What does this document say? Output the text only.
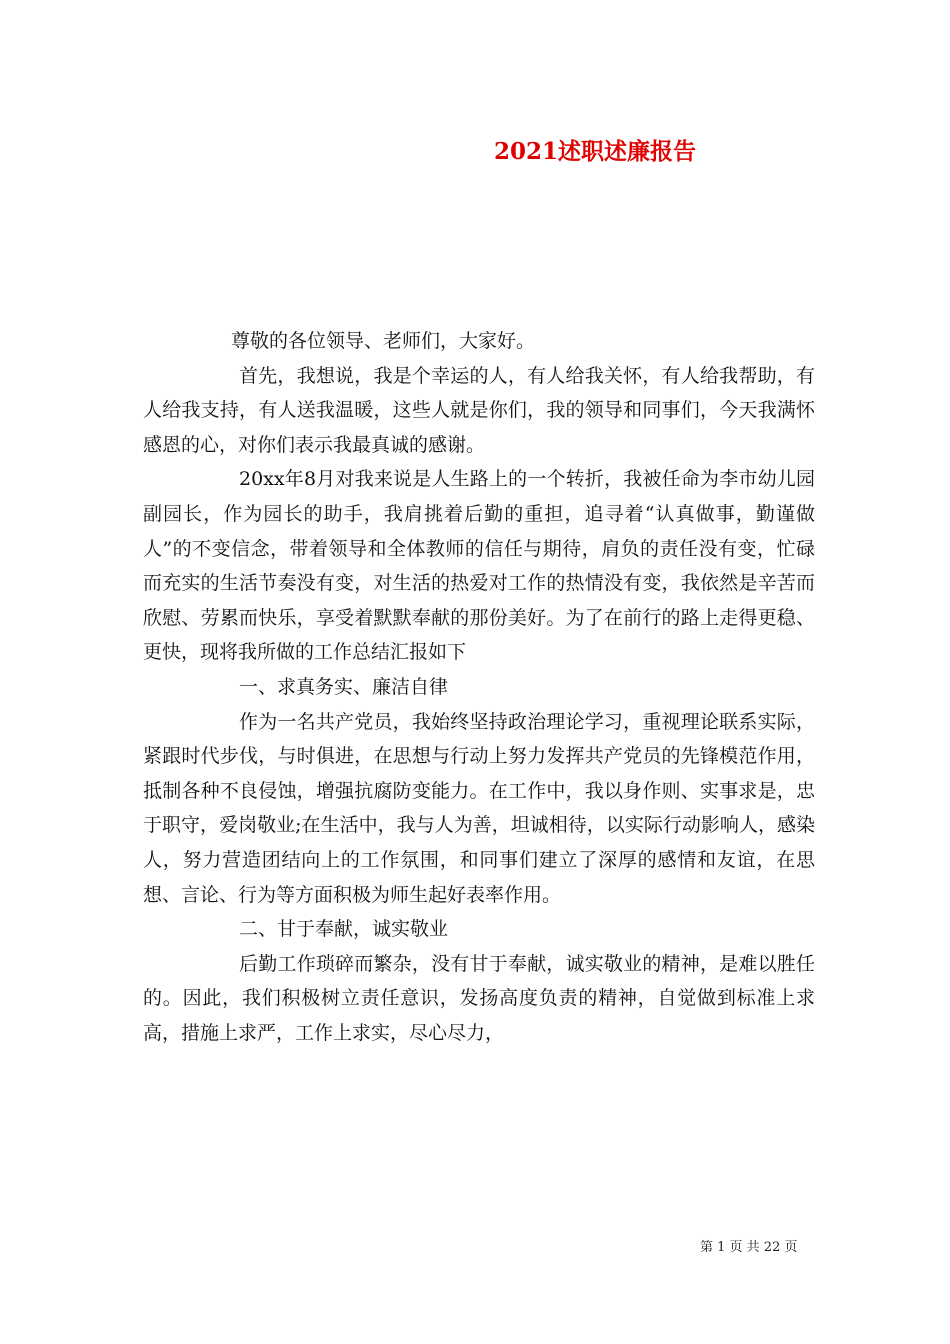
2021述职述廉报告

尊敬的各位领导、老师们，大家好。

首先，我想说，我是个幸运的人，有人给我关怀，有人给我帮助，有人给我支持，有人送我温暖，这些人就是你们，我的领导和同事们，今天我满怀感恩的心，对你们表示我最真诚的感谢。

20xx年8月对我来说是人生路上的一个转折，我被任命为李市幼儿园副园长，作为园长的助手，我肩挑着后勤的重担，追寻着“认真做事，勤谨做人”的不变信念，带着领导和全体教师的信任与期待，肩负的责任没有变，忙碌而充实的生活节奏没有变，对生活的热爱对工作的热情没有变，我依然是辛苦而欣慰、劳累而快乐，享受着默默奉献的那份美好。为了在前行的路上走得更稳、更快，现将我所做的工作总结汇报如下

一、求真务实、廉洁自律

作为一名共产党员，我始终坚持政治理论学习，重视理论联系实际，紧跟时代步伐，与时俱进，在思想与行动上努力发挥共产党员的先锋模范作用，抵制各种不良侵蚀，增强抗腐防变能力。在工作中，我以身作则、实事求是，忠于职守，爱岗敬业;在生活中，我与人为善，坦诚相待，以实际行动影响人，感染人，努力营造团结向上的工作氛围，和同事们建立了深厚的感情和友谊，在思想、言论、行为等方面积极为师生起好表率作用。

二、甘于奉献，诚实敬业

后勤工作琐碎而繁杂，没有甘于奉献，诚实敬业的精神，是难以胜任的。因此，我们积极树立责任意识，发扬高度负责的精神，自觉做到标准上求高，措施上求严，工作上求实，尽心尽力，

第 1 页 共 22 页
